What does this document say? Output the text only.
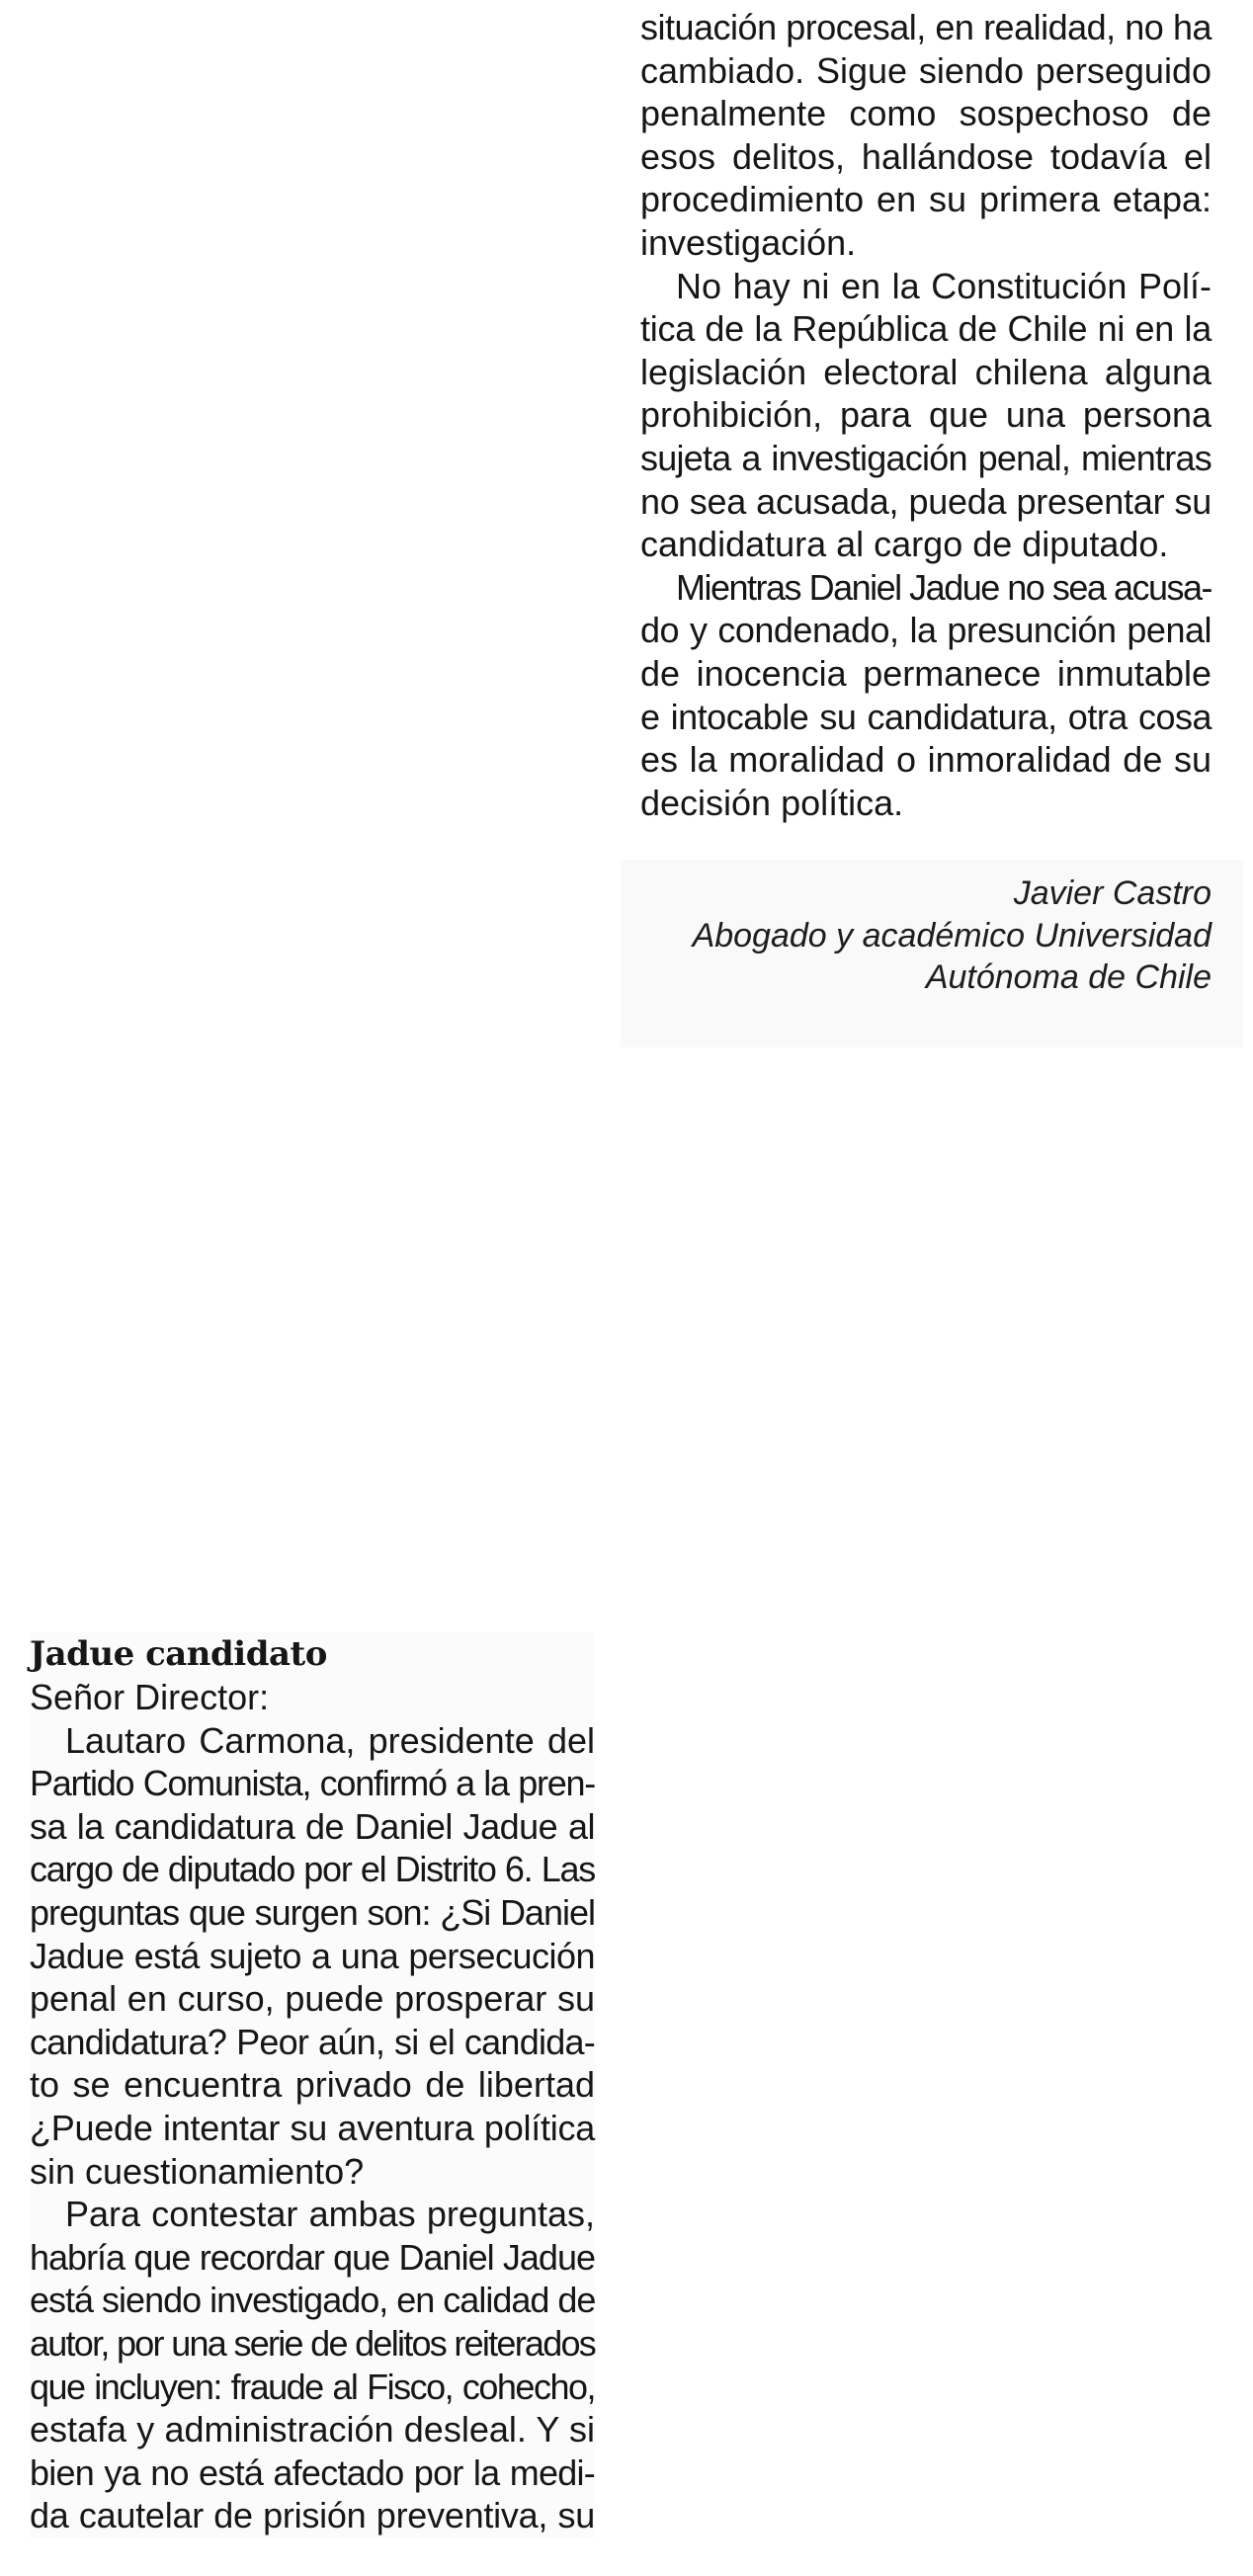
situación procesal, en realidad, no ha
cambiado. Sigue siendo perseguido
penalmente como sospechoso de
esos delitos, hallándose todavía el
procedimiento en su primera etapa:
investigación.
No hay ni en la Constitución Polí-
tica de la República de Chile ni en la
legislación electoral chilena alguna
prohibición, para que una persona
sujeta a investigación penal, mientras
no sea acusada, pueda presentar su
candidatura al cargo de diputado.
Mientras Daniel Jadue no sea acusa-
do y condenado, la presunción penal
de inocencia permanece inmutable
e intocable su candidatura, otra cosa
es la moralidad o inmoralidad de su
decisión política.
Javier Castro
Abogado y académico Universidad
Autónoma de Chile
Jadue candidato
Señor Director:
Lautaro Carmona, presidente del
Partido Comunista, confirmó a la pren-
sa la candidatura de Daniel Jadue al
cargo de diputado por el Distrito 6. Las
preguntas que surgen son: ¿Si Daniel
Jadue está sujeto a una persecución
penal en curso, puede prosperar su
candidatura? Peor aún, si el candida-
to se encuentra privado de libertad
¿Puede intentar su aventura política
sin cuestionamiento?
Para contestar ambas preguntas,
habría que recordar que Daniel Jadue
está siendo investigado, en calidad de
autor, por una serie de delitos reiterados
que incluyen: fraude al Fisco, cohecho,
estafa y administración desleal. Y si
bien ya no está afectado por la medi-
da cautelar de prisión preventiva, su
